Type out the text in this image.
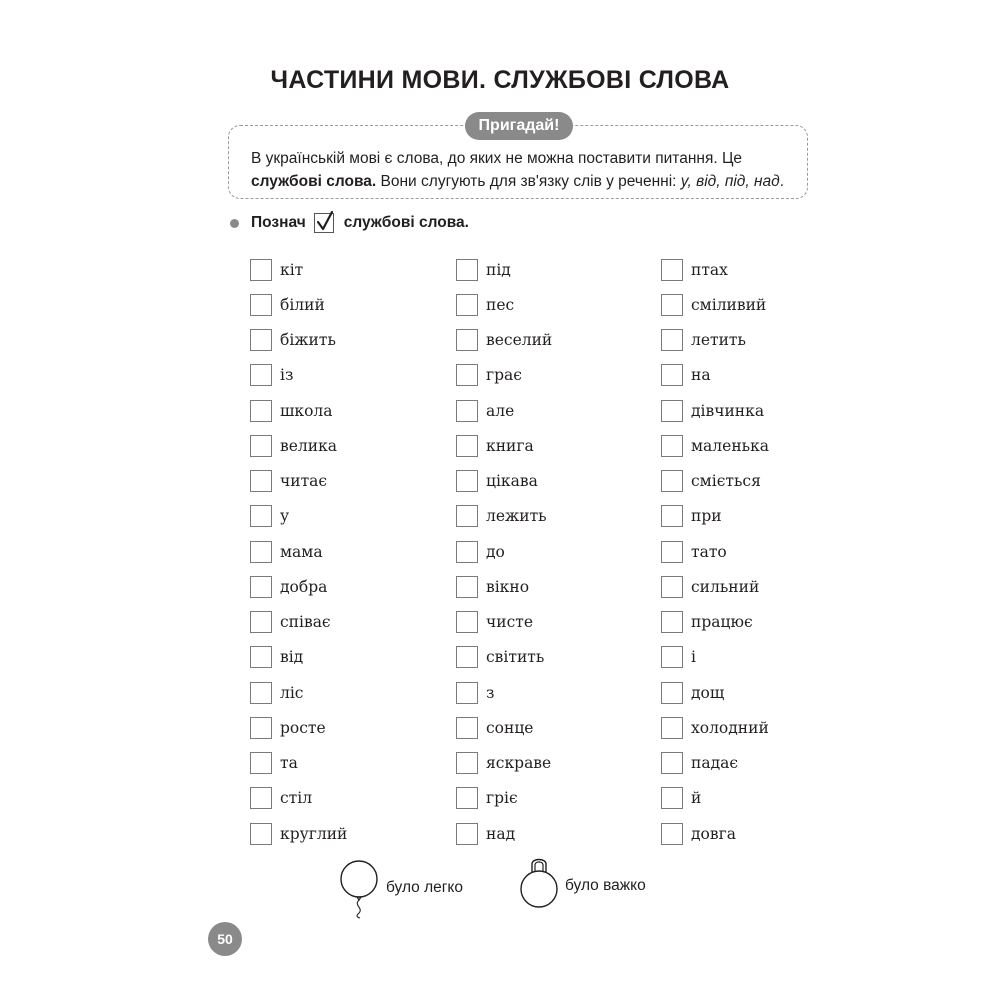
ЧАСТИНИ МОВИ. СЛУЖБОВІ СЛОВА
Пригадай!
В українській мові є слова, до яких не можна поставити питання. Це
службові слова. Вони слугують для зв'язку слів у реченні: у, від, під, над.
Познач службові слова.
кіт
білий
біжить
із
школа
велика
читає
у
мама
добра
співає
від
ліс
росте
та
стіл
круглий
під
пес
веселий
грає
але
книга
цікава
лежить
до
вікно
чисте
світить
з
сонце
яскраве
гріє
над
птах
сміливий
летить
на
дівчинка
маленька
сміється
при
тато
сильний
працює
і
дощ
холодний
падає
й
довга
було легко	було важко
50
